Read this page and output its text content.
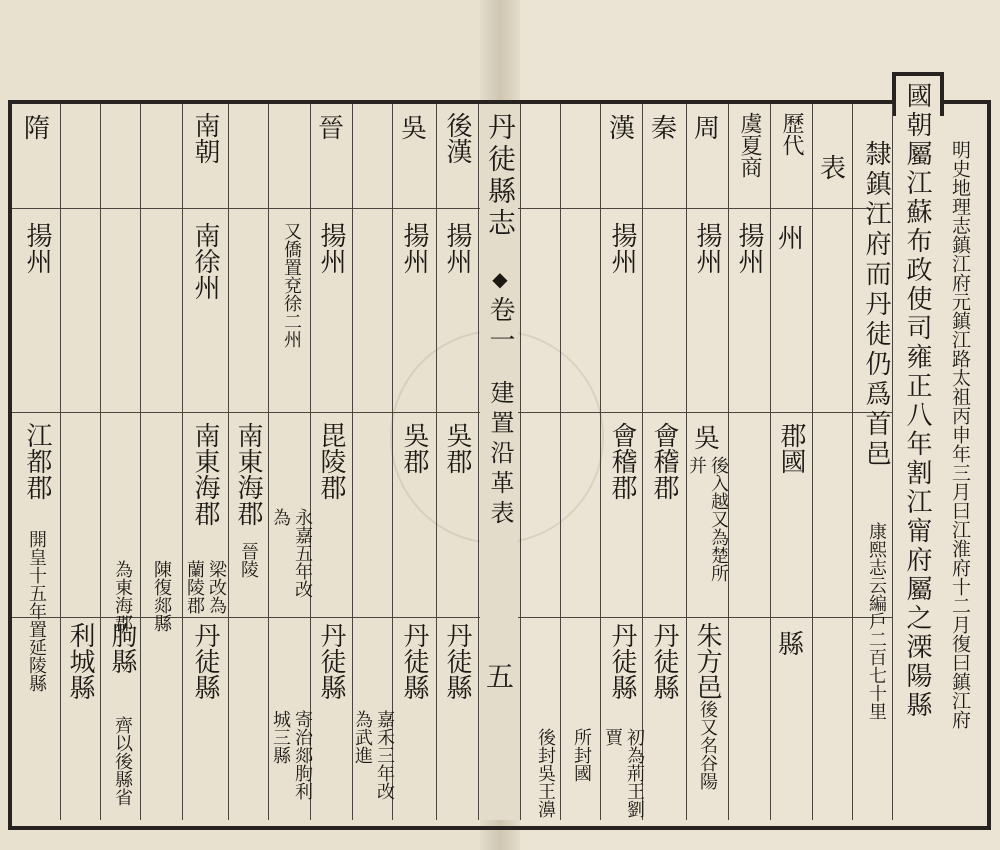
丹徒縣志
◆
卷一
建置沿革表
五	明史地理志鎮江府元鎮江路太祖丙申年三月曰江淮府十二月復曰鎮江府
國朝屬江蘇布政使司雍正八年割江甯府屬之溧陽縣
隸鎮江府而丹徒仍爲首邑
康熙志云編戶二百七十里
表
歷代
州
郡國
縣
虞夏商
揚州
周
揚州
吳
後入越又為楚所并
朱方邑
後又名谷陽
秦
會稽郡
丹徒縣
初為荊王劉賈
漢
揚州
會稽郡
丹徒縣
所封國
後封吳王濞
後漢
揚州
吳郡
丹徒縣
吳
揚州
吳郡
丹徒縣
嘉禾三年改為武進
晉
揚州
又僑置兗徐二州
毘陵郡
永嘉五年改為
丹徒縣
寄治郯朐利城三縣
南東海郡
晉陵
南朝
南徐州
南東海郡
梁改為蘭陵郡
丹徒縣
陳復郯縣
為東海郡
朐縣
齊以後縣省
利城縣
隋
揚州
江都郡
開皇十五年置延陵縣
